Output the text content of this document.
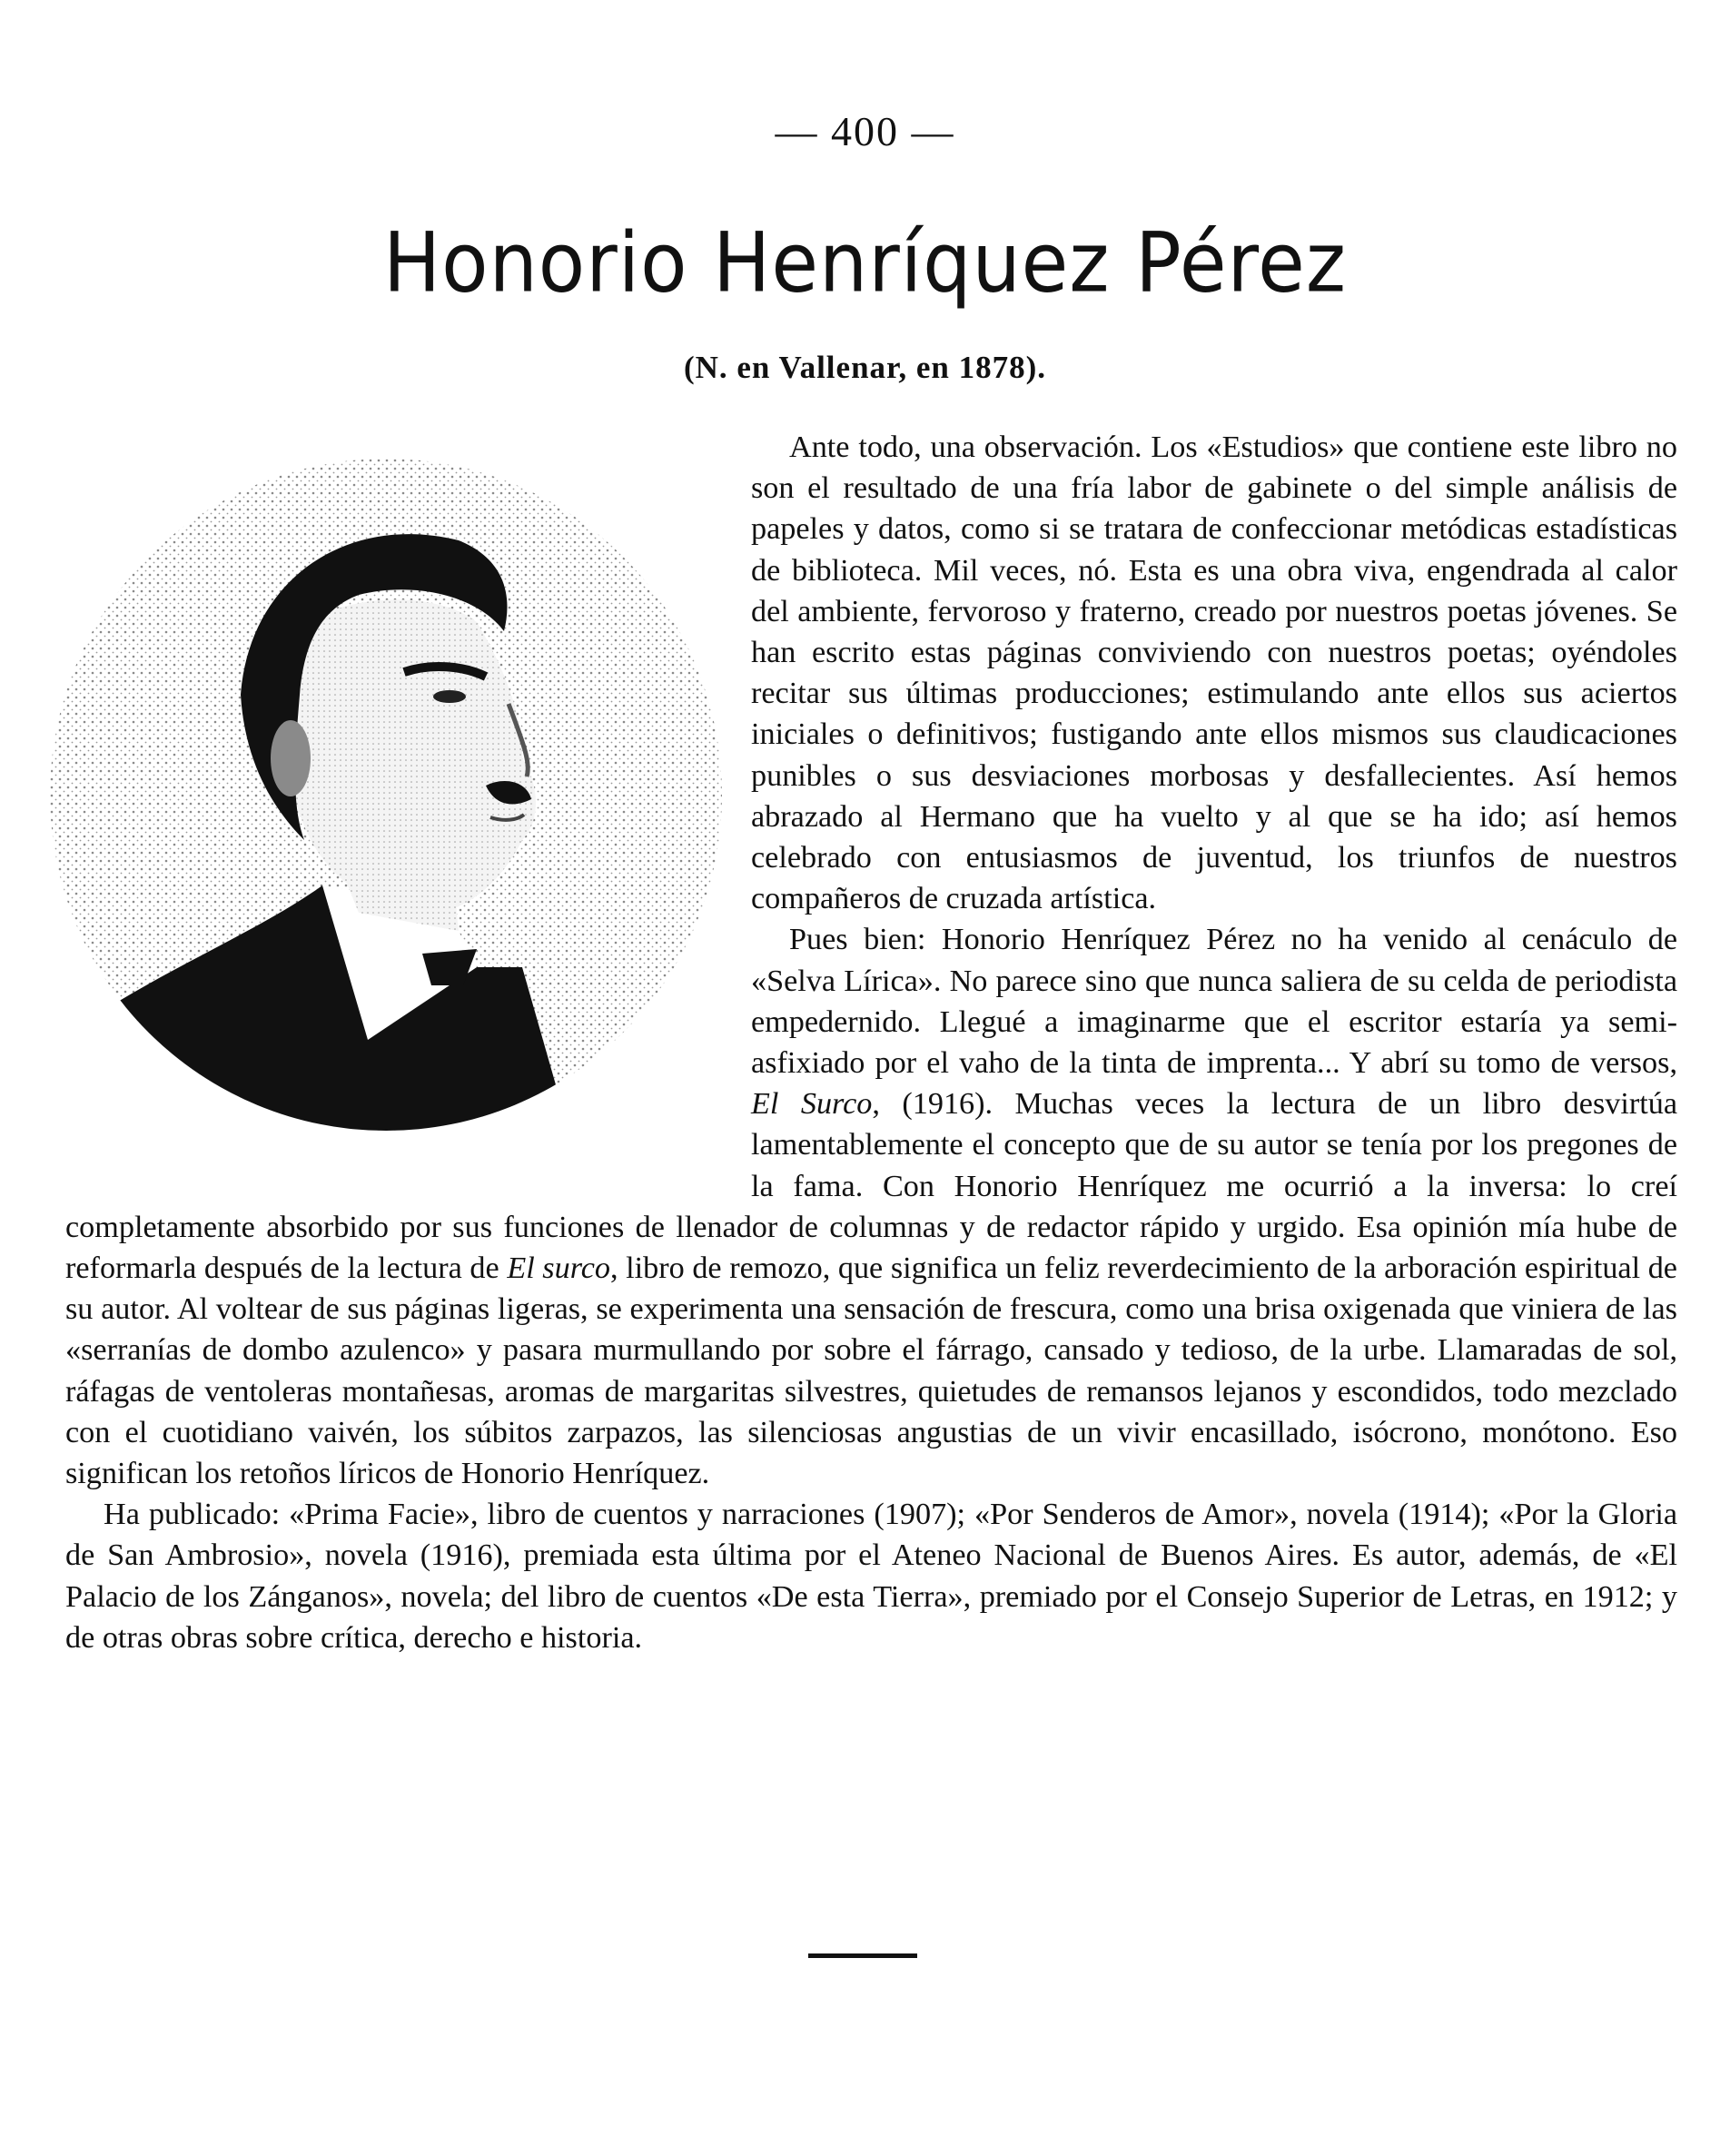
— 400 —
Honorio Henríquez Pérez
(N. en Vallenar, en 1878).

Ante todo, una observación. Los «Estudios» que contiene este libro no son el resultado de una fría labor de gabinete o del simple análisis de papeles y datos, como si se tratara de confeccionar metódicas estadísticas de biblioteca. Mil veces, nó. Esta es una obra viva, engendrada al calor del ambiente, fervoroso y fraterno, creado por nuestros poetas jóvenes. Se han escrito estas páginas conviviendo con nuestros poetas; oyéndoles recitar sus últimas producciones; estimulando ante ellos sus aciertos iniciales o definitivos; fustigando ante ellos mismos sus claudicaciones punibles o sus desviaciones morbosas y desfallecientes. Así hemos abrazado al Hermano que ha vuelto y al que se ha ido; así hemos celebrado con entusiasmos de juventud, los triunfos de nuestros compañeros de cruzada artística.

Pues bien: Honorio Henríquez Pérez no ha venido al cenáculo de «Selva Lírica». No parece sino que nunca saliera de su celda de periodista empedernido. Llegué a imaginarme que el escritor estaría ya semi-asfixiado por el vaho de la tinta de imprenta... Y abrí su tomo de versos, El Surco, (1916). Muchas veces la lectura de un libro desvirtúa lamentablemente el concepto que de su autor se tenía por los pregones de la fama. Con Honorio Henríquez me ocurrió a la inversa: lo creí completamente absorbido por sus funciones de llenador de columnas y de redactor rápido y urgido. Esa opinión mía hube de reformarla después de la lectura de El surco, libro de remozo, que significa un feliz reverdecimiento de la arboración espiritual de su autor. Al voltear de sus páginas ligeras, se experimenta una sensación de frescura, como una brisa oxigenada que viniera de las «serranías de dombo azulenco» y pasara murmullando por sobre el fárrago, cansado y tedioso, de la urbe. Llamaradas de sol, ráfagas de ventoleras montañesas, aromas de margaritas silvestres, quietudes de remansos lejanos y escondidos, todo mezclado con el cuotidiano vaivén, los súbitos zarpazos, las silenciosas angustias de un vivir encasillado, isócrono, monótono. Eso significan los retoños líricos de Honorio Henríquez.

Ha publicado: «Prima Facie», libro de cuentos y narraciones (1907); «Por Senderos de Amor», novela (1914); «Por la Gloria de San Ambrosio», novela (1916), premiada esta última por el Ateneo Nacional de Buenos Aires. Es autor, además, de «El Palacio de los Zánganos», novela; del libro de cuentos «De esta Tierra», premiado por el Consejo Superior de Letras, en 1912; y de otras obras sobre crítica, derecho e historia.
